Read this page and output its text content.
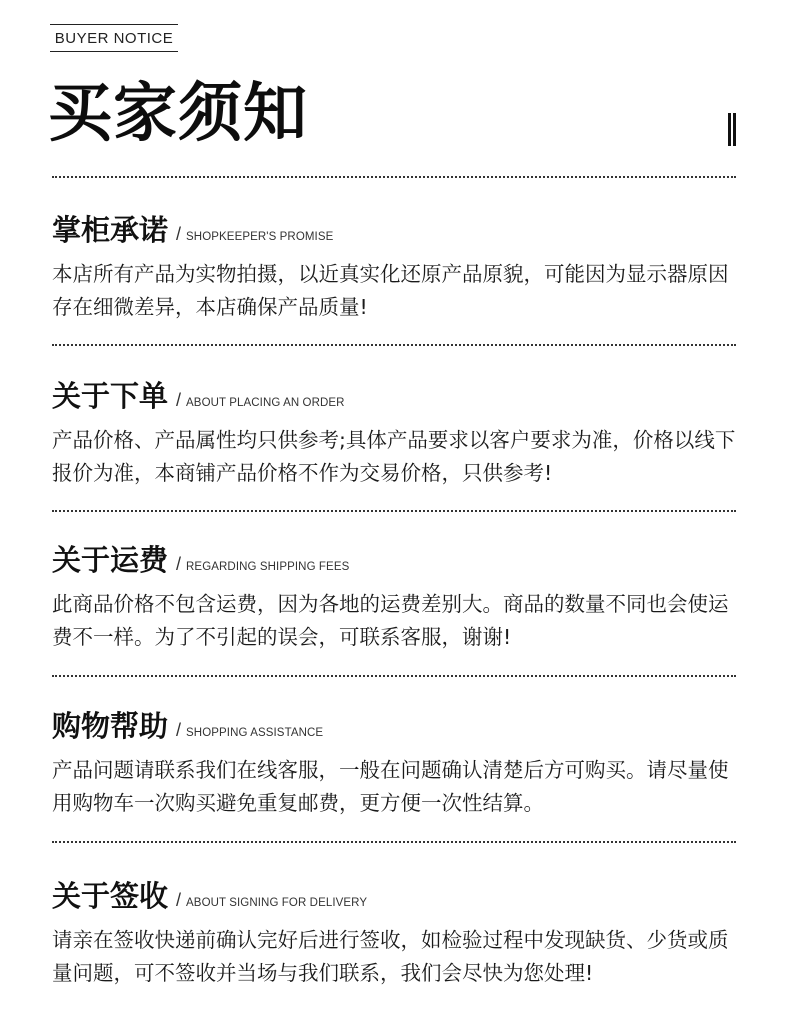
BUYER NOTICE
买家须知
掌柜承诺 / SHOPKEEPER'S PROMISE
本店所有产品为实物拍摄，以近真实化还原产品原貌，可能因为显示器原因存在细微差异，本店确保产品质量!
关于下单 / ABOUT PLACING AN ORDER
产品价格、产品属性均只供参考;具体产品要求以客户要求为准，价格以线下报价为准，本商铺产品价格不作为交易价格，只供参考!
关于运费 / REGARDING SHIPPING FEES
此商品价格不包含运费，因为各地的运费差别大。商品的数量不同也会使运费不一样。为了不引起的误会，可联系客服，谢谢!
购物帮助 / SHOPPING ASSISTANCE
产品问题请联系我们在线客服，一般在问题确认清楚后方可购买。请尽量使用购物车一次购买避免重复邮费，更方便一次性结算。
关于签收 / ABOUT SIGNING FOR DELIVERY
请亲在签收快递前确认完好后进行签收，如检验过程中发现缺货、少货或质量问题，可不签收并当场与我们联系，我们会尽快为您处理!
